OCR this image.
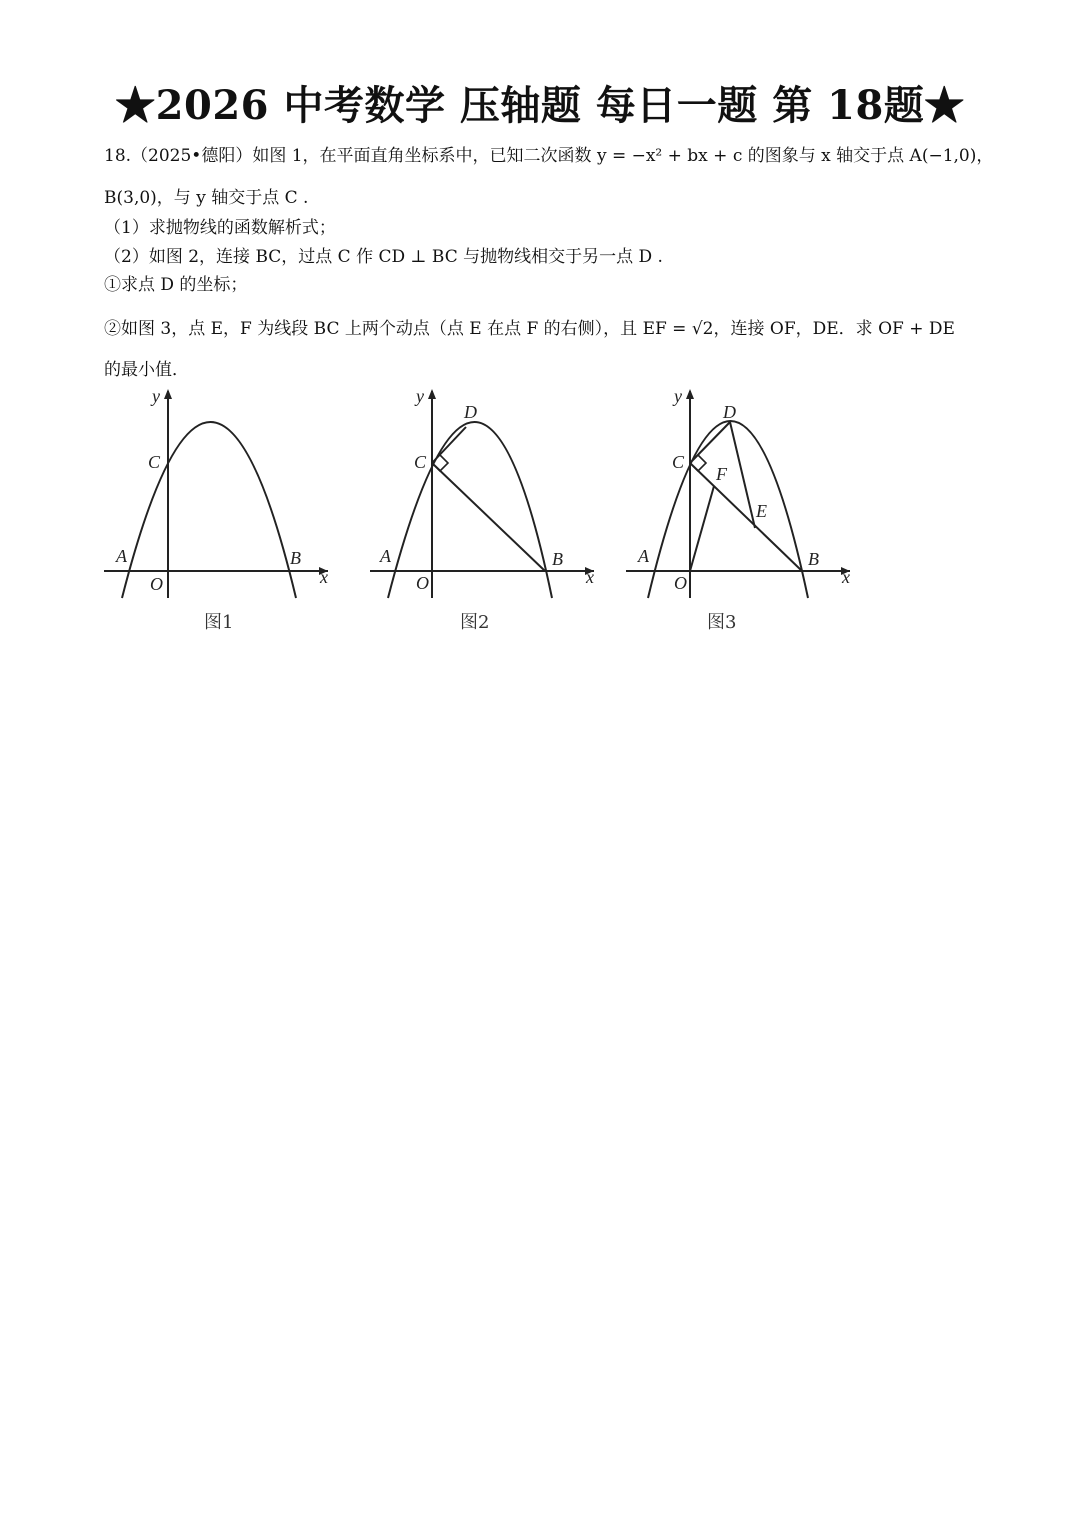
★2026 中考数学 压轴题 每日一题 第 18题★
18.（2025•德阳）如图 1，在平面直角坐标系中，已知二次函数 y = −x² + bx + c 的图象与 x 轴交于点 A(−1,0)，
B(3,0)，与 y 轴交于点 C .
（1）求抛物线的函数解析式；
（2）如图 2，连接 BC，过点 C 作 CD ⊥ BC 与抛物线相交于另一点 D .
①求点 D 的坐标；
②如图 3，点 E，F 为线段 BC 上两个动点（点 E 在点 F 的右侧），且 EF = √2，连接 OF，DE．求 OF + DE
的最小值．
y
x
O
A	B
C
图1
y
x
O
A	B
C
D
图2
y
x
O
A	B
C
D
F
E
图3
